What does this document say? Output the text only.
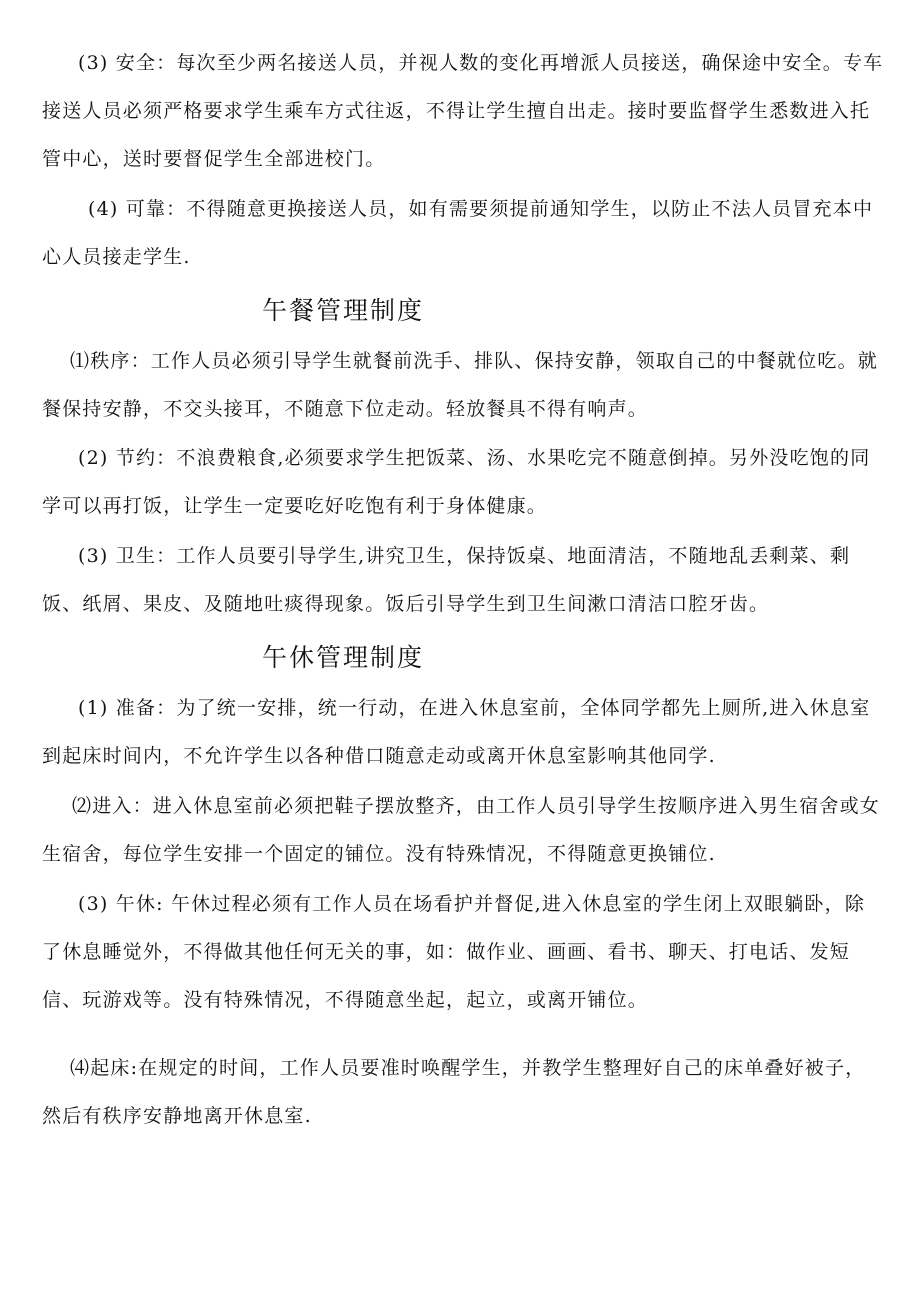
(3) 安全：每次至少两名接送人员，并视人数的变化再增派人员接送，确保途中安全。专车接送人员必须严格要求学生乘车方式往返，不得让学生擅自出走。接时要监督学生悉数进入托管中心，送时要督促学生全部进校门。

(4) 可靠：不得随意更换接送人员，如有需要须提前通知学生，以防止不法人员冒充本中心人员接走学生.

午餐管理制度

⑴秩序：工作人员必须引导学生就餐前洗手、排队、保持安静，领取自己的中餐就位吃。就餐保持安静，不交头接耳，不随意下位走动。轻放餐具不得有响声。

(2) 节约：不浪费粮食,必须要求学生把饭菜、汤、水果吃完不随意倒掉。另外没吃饱的同学可以再打饭，让学生一定要吃好吃饱有利于身体健康。

(3) 卫生：工作人员要引导学生,讲究卫生，保持饭桌、地面清洁，不随地乱丢剩菜、剩饭、纸屑、果皮、及随地吐痰得现象。饭后引导学生到卫生间漱口清洁口腔牙齿。

午休管理制度

(1) 准备：为了统一安排，统一行动，在进入休息室前，全体同学都先上厕所,进入休息室到起床时间内，不允许学生以各种借口随意走动或离开休息室影响其他同学.

⑵进入：进入休息室前必须把鞋子摆放整齐，由工作人员引导学生按顺序进入男生宿舍或女生宿舍，每位学生安排一个固定的铺位。没有特殊情况，不得随意更换铺位.

(3) 午休: 午休过程必须有工作人员在场看护并督促,进入休息室的学生闭上双眼躺卧，除了休息睡觉外，不得做其他任何无关的事，如：做作业、画画、看书、聊天、打电话、发短信、玩游戏等。没有特殊情况，不得随意坐起，起立，或离开铺位。

⑷起床:在规定的时间，工作人员要准时唤醒学生，并教学生整理好自己的床单叠好被子，然后有秩序安静地离开休息室.
